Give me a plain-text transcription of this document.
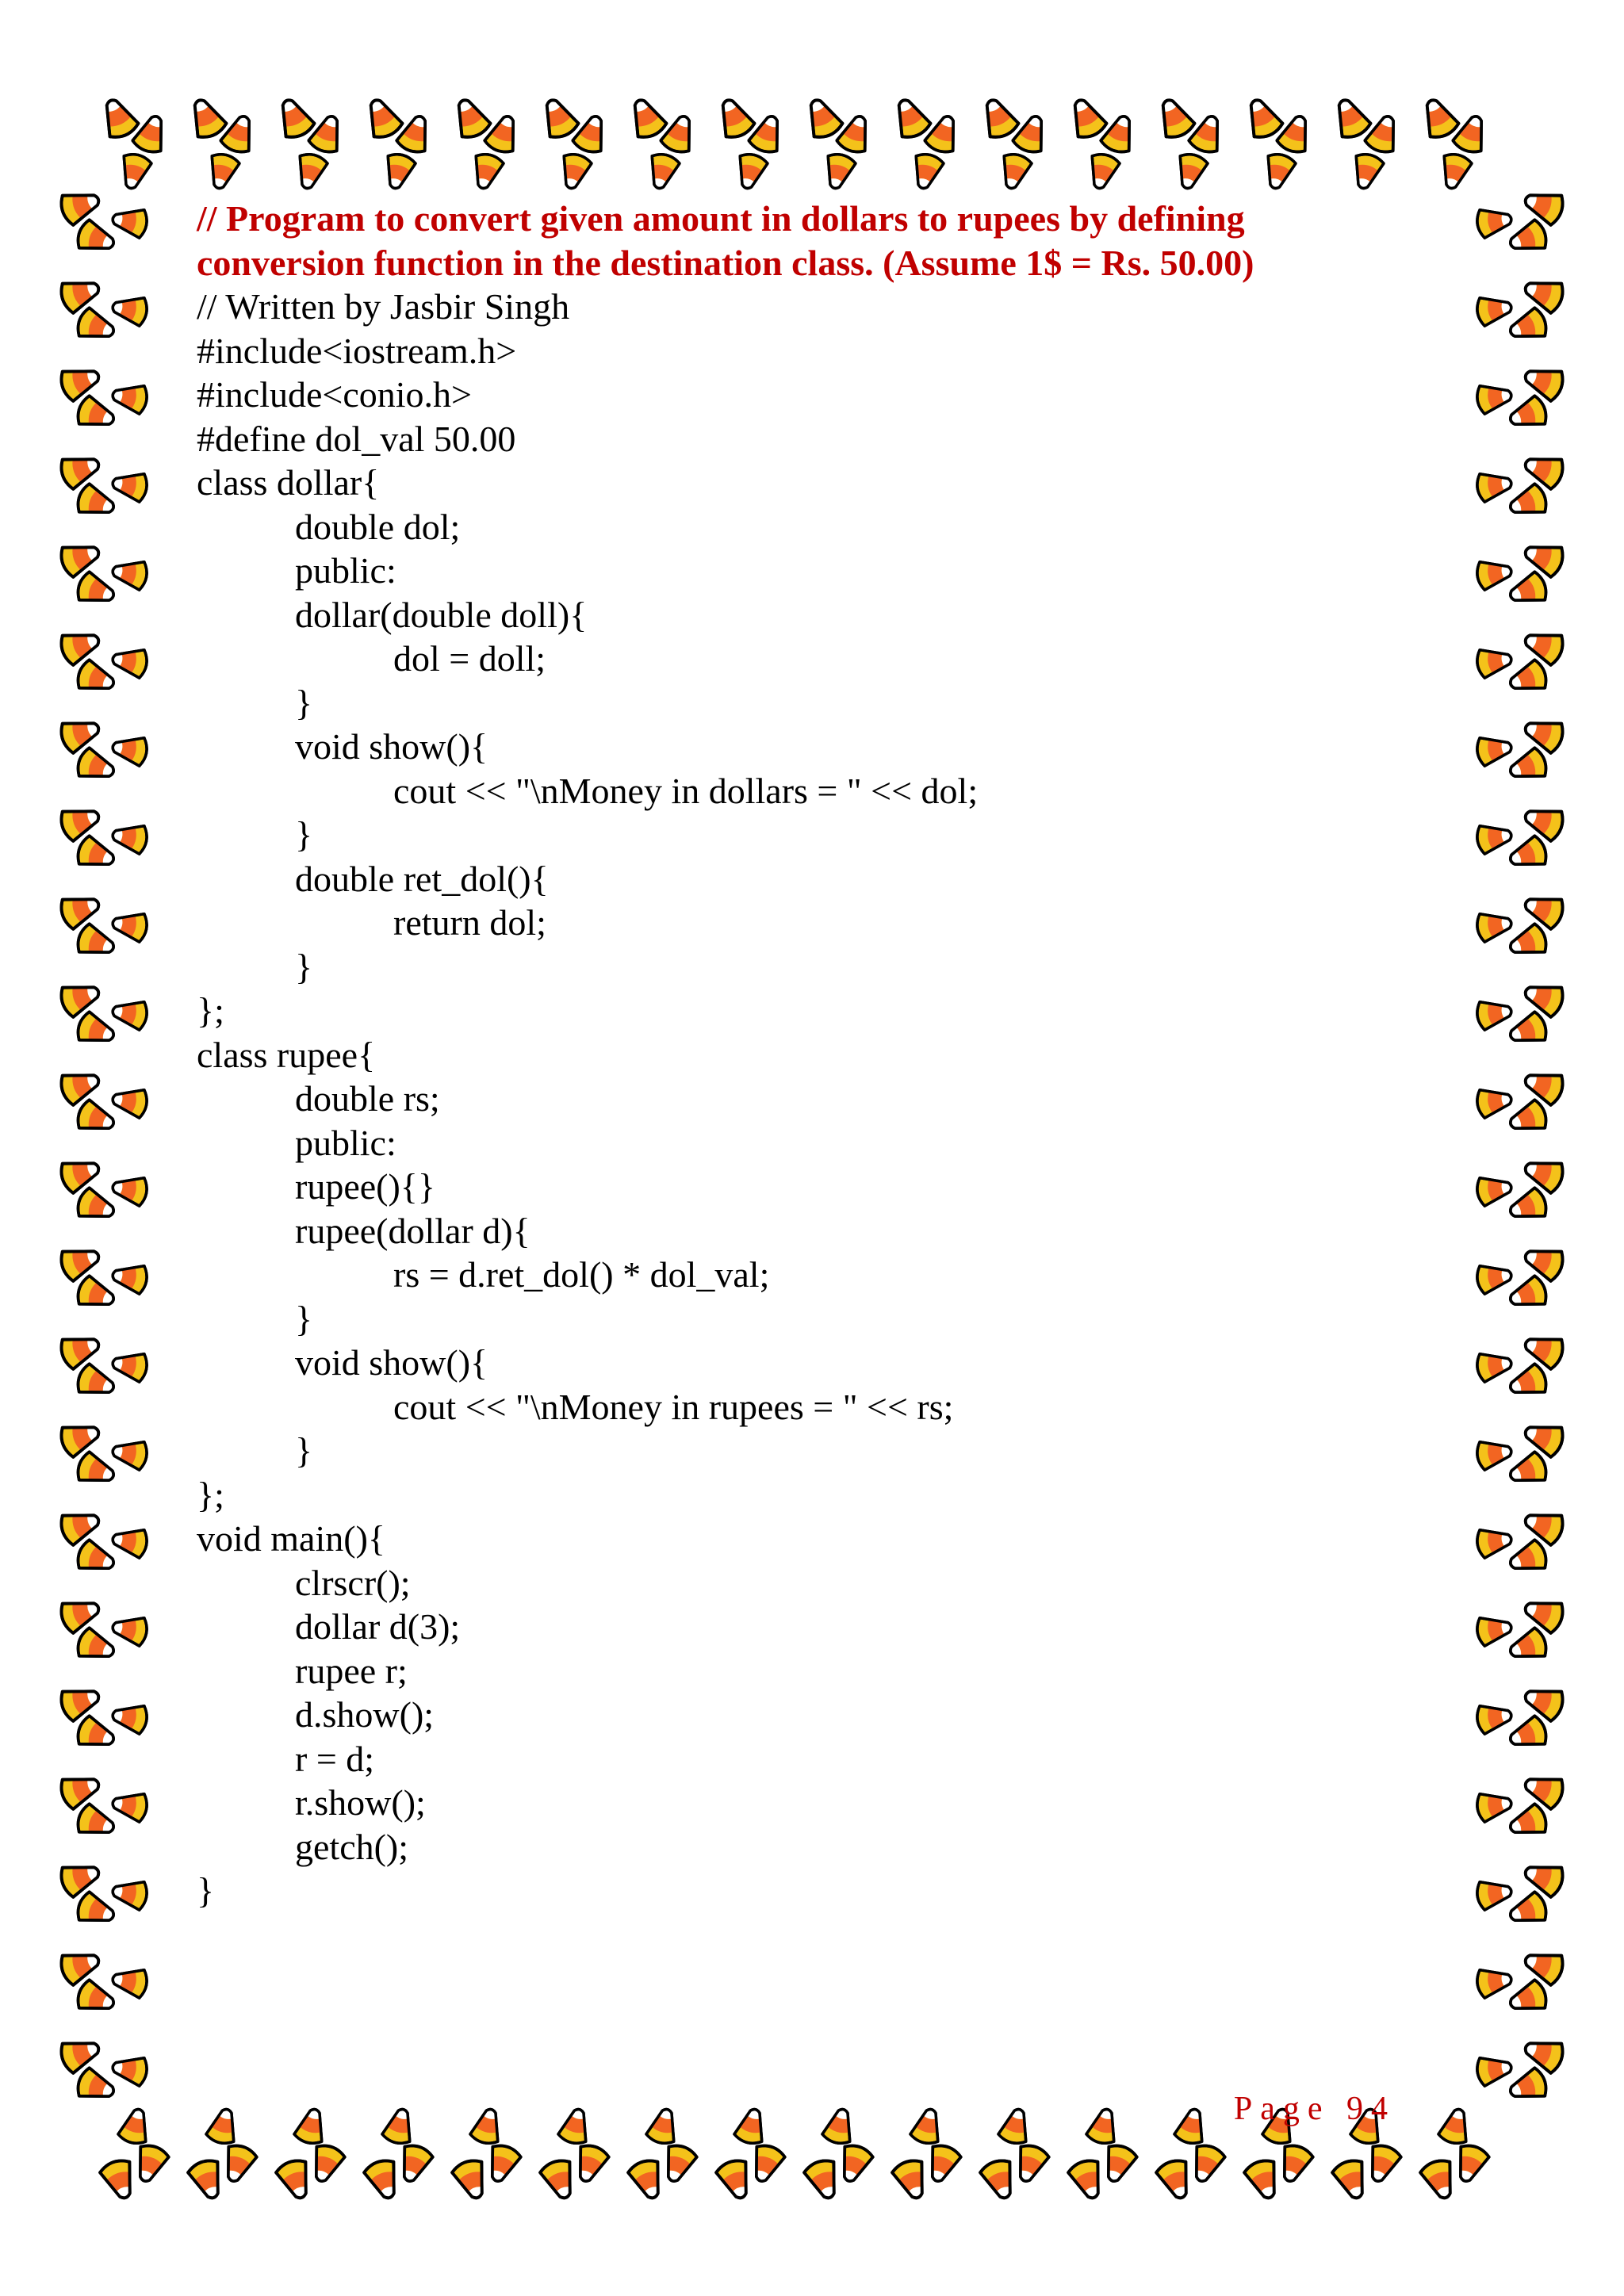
// Program to convert given amount in dollars to rupees by defining
conversion function in the destination class. (Assume 1$ = Rs. 50.00)
// Written by Jasbir Singh
#include<iostream.h>
#include<conio.h>
#define dol_val 50.00
class dollar{
double dol;
public:
dollar(double doll){
dol = doll;
}
void show(){
cout << "\nMoney in dollars = " << dol;
}
double ret_dol(){
return dol;
}
};
class rupee{
double rs;
public:
rupee(){}
rupee(dollar d){
rs = d.ret_dol() * dol_val;
}
void show(){
cout << "\nMoney in rupees = " << rs;
}
};
void main(){
clrscr();
dollar d(3);
rupee r;
d.show();
r = d;
r.show();
getch();
}
Page 94
